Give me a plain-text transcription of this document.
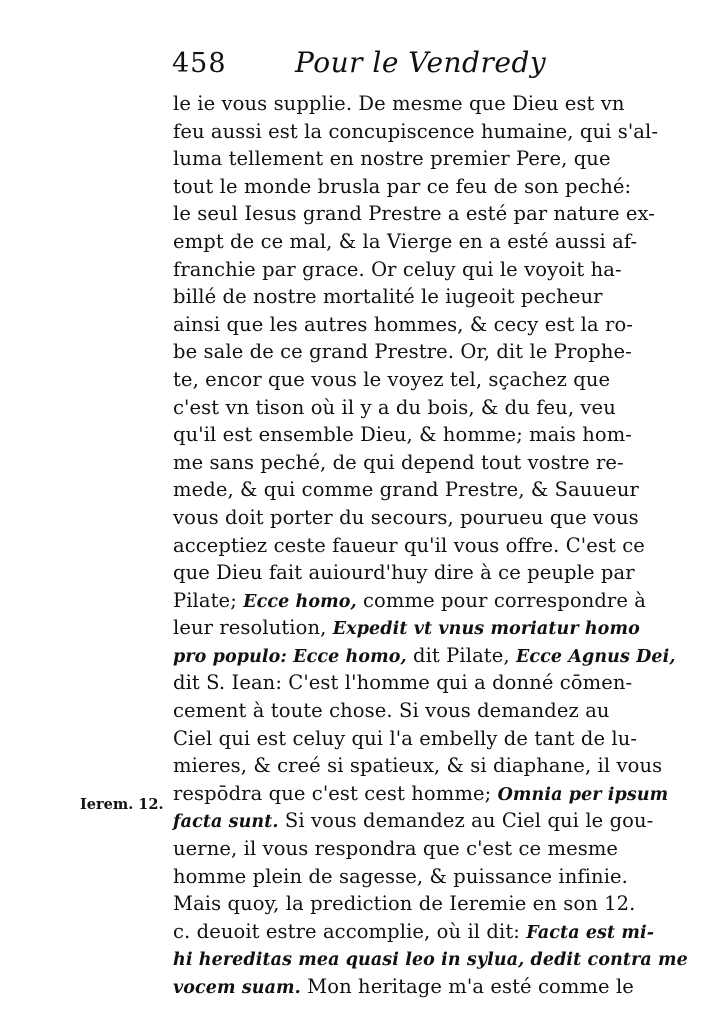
458 Pour le Vendredy
Ierem. 12.
le ie vous supplie. De mesme que Dieu est vn
feu aussi est la concupiscence humaine, qui s'al-
luma tellement en nostre premier Pere, que
tout le monde brusla par ce feu de son peché:
le seul Iesus grand Prestre a esté par nature ex-
empt de ce mal, & la Vierge en a esté aussi af-
franchie par grace. Or celuy qui le voyoit ha-
billé de nostre mortalité le iugeoit pecheur
ainsi que les autres hommes, & cecy est la ro-
be sale de ce grand Prestre. Or, dit le Prophe-
te, encor que vous le voyez tel, sçachez que
c'est vn tison où il y a du bois, & du feu, veu
qu'il est ensemble Dieu, & homme; mais hom-
me sans peché, de qui depend tout vostre re-
mede, & qui comme grand Prestre, & Sauueur
vous doit porter du secours, pourueu que vous
acceptiez ceste faueur qu'il vous offre. C'est ce
que Dieu fait auiourd'huy dire à ce peuple par
Pilate; Ecce homo, comme pour correspondre à
leur resolution, Expedit vt vnus moriatur homo
pro populo: Ecce homo, dit Pilate, Ecce Agnus Dei,
dit S. Iean: C'est l'homme qui a donné cōmen-
cement à toute chose. Si vous demandez au
Ciel qui est celuy qui l'a embelly de tant de lu-
mieres, & creé si spatieux, & si diaphane, il vous
respōdra que c'est cest homme; Omnia per ipsum
facta sunt. Si vous demandez au Ciel qui le gou-
uerne, il vous respondra que c'est ce mesme
homme plein de sagesse, & puissance infinie.
Mais quoy, la prediction de Ieremie en son 12.
c. deuoit estre accomplie, où il dit: Facta est mi-
hi hereditas mea quasi leo in sylua, dedit contra me
vocem suam. Mon heritage m'a esté comme le
